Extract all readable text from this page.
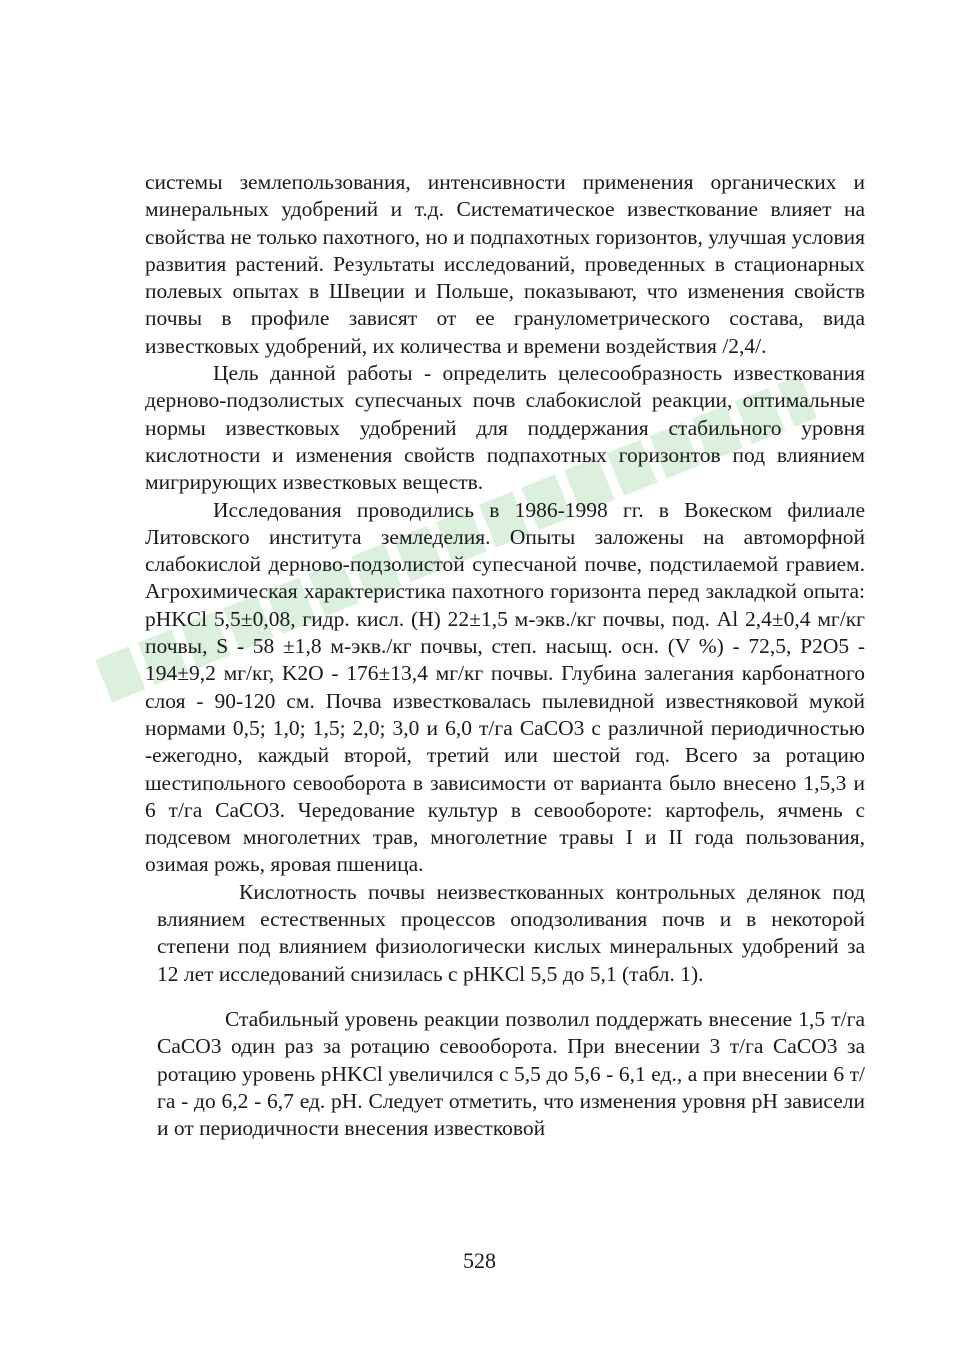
системы землепользования, интенсивности применения органических и минеральных удобрений и т.д. Систематическое известкование влияет на свойства не только пахотного, но и подпахотных горизонтов, улучшая условия развития растений. Результаты исследований, проведенных в стационарных полевых опытах в Швеции и Польше, показывают, что изменения свойств почвы в профиле зависят от ее гранулометрического состава, вида известковых удобрений, их количества и времени воздействия /2,4/.

Цель данной работы - определить целесообразность известкования дерново-подзолистых супесчаных почв слабокислой реакции, оптимальные нормы известковых удобрений для поддержания стабильного уровня кислотности и изменения свойств подпахотных горизонтов под влиянием мигрирующих известковых веществ.

Исследования проводились в 1986-1998 гг. в Вокеском филиале Литовского института земледелия. Опыты заложены на автоморфной слабокислой дерново-подзолистой супесчаной почве, подстилаемой гравием. Агрохимическая характеристика пахотного горизонта перед закладкой опыта: pHKCl 5,5±0,08, гидр. кисл. (H) 22±1,5 м-экв./кг почвы, под. Al 2,4±0,4 мг/кг почвы, S - 58 ±1,8 м-экв./кг почвы, степ. насыщ. осн. (V %) - 72,5, P2O5 - 194±9,2 мг/кг, K2O - 176±13,4 мг/кг почвы. Глубина залегания карбонатного слоя - 90-120 см. Почва известковалась пылевидной известняковой мукой нормами 0,5; 1,0; 1,5; 2,0; 3,0 и 6,0 т/га CaCO3 с различной периодичностью -ежегодно, каждый второй, третий или шестой год. Всего за ротацию шестипольного севооборота в зависимости от варианта было внесено 1,5,3 и 6 т/га CaCO3. Чередование культур в севообороте: картофель, ячмень с подсевом многолетних трав, многолетние травы I и II года пользования, озимая рожь, яровая пшеница.

Кислотность почвы неизвесткованных контрольных делянок под влиянием естественных процессов оподзоливания почв и в некоторой степени под влиянием физиологически кислых минеральных удобрений за 12 лет исследований снизилась с pHKCl 5,5 до 5,1 (табл. 1).

Стабильный уровень реакции позволил поддержать внесение 1,5 т/га CaCO3 один раз за ротацию севооборота. При внесении 3 т/га CaCO3 за ротацию уровень pHKCl увеличился с 5,5 до 5,6 - 6,1 ед., а при внесении 6 т/га - до 6,2 - 6,7 ед. pH. Следует отметить, что изменения уровня pH зависели и от периодичности внесения известковой

528
